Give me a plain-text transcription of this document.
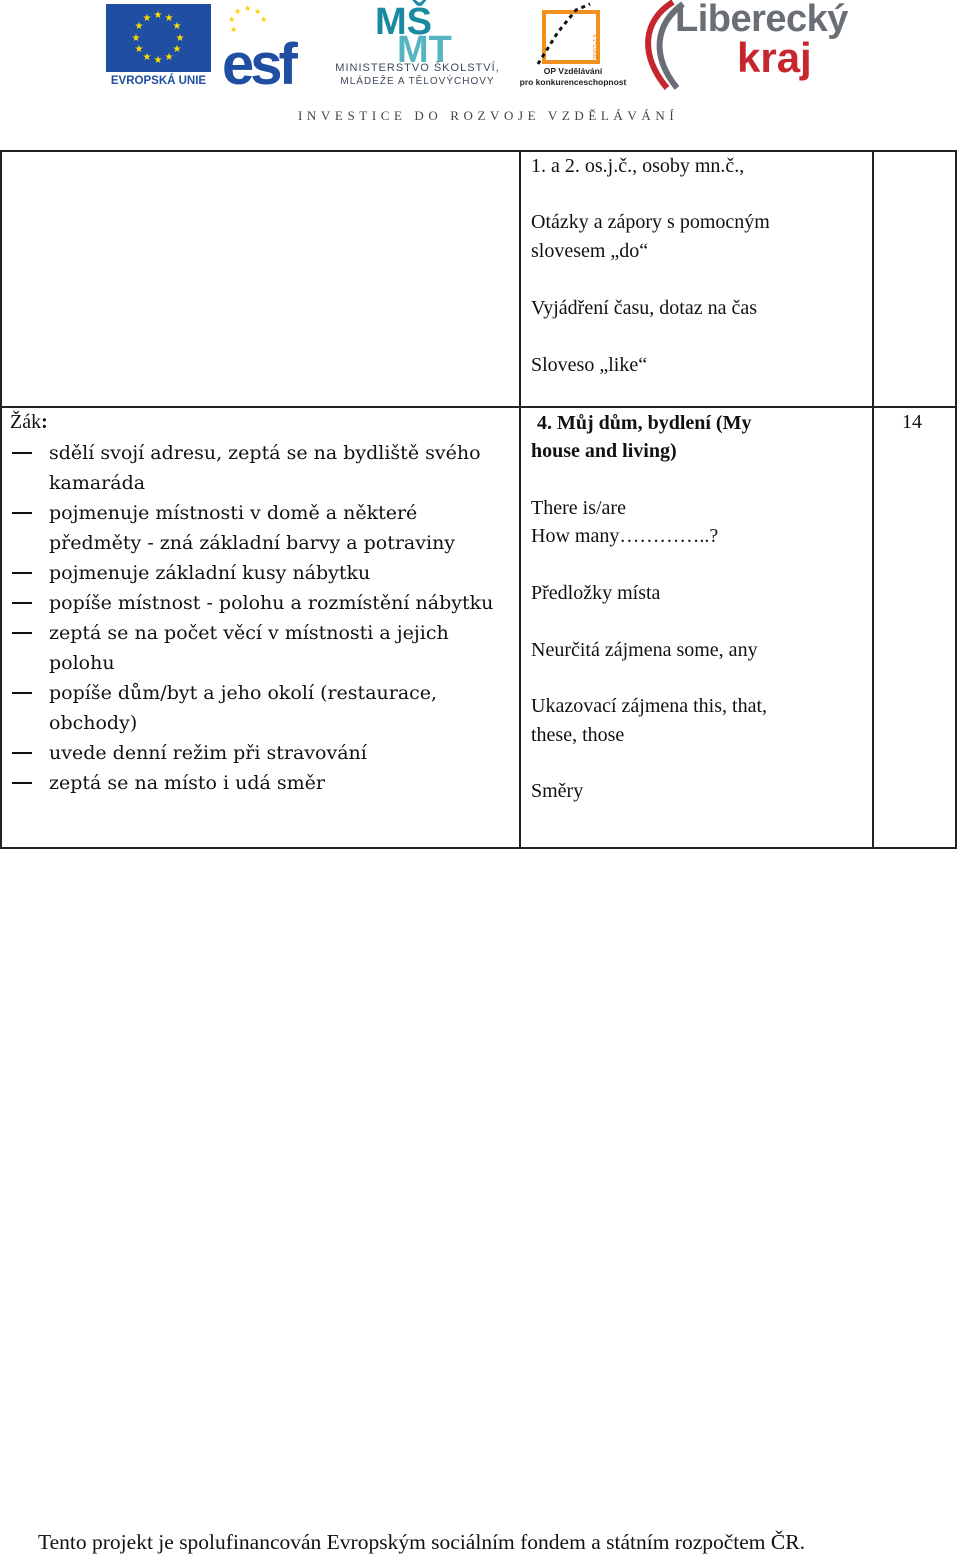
★ ★
★
★
★
★
★
★
★
★
★
★
EVROPSKÁ UNIE
★ ★ ★
★
★
★
esf
MŠ
MT
MINISTERSTVO ŠKOLSTVÍ,
MLÁDEŽE A TĚLOVÝCHOVY
2007-13
OP Vzdělávání
pro konkurenceschopnost
Liberecký
kraj
INVESTICE DO ROZVOJE VZDĚLÁVÁNÍ
1. a 2. os.j.č., osoby mn.č.,
Otázky a zápory s pomocným
slovesem „do“
Vyjádření času, dotaz na čas
Sloveso „like“
Žák:
sdělí svojí adresu, zeptá se na bydliště svého
kamaráda
pojmenuje místnosti v domě a některé
předměty - zná základní barvy a potraviny
pojmenuje základní kusy nábytku
popíše místnost - polohu a rozmístění nábytku
zeptá se na počet věcí v místnosti a jejich
polohu
popíše dům/byt a jeho okolí (restaurace,
obchody)
uvede denní režim při stravování
zeptá se na místo i udá směr
4. Můj dům, bydlení (My
house and living)
There is/are
How many…………..?
Předložky místa
Neurčitá zájmena some, any
Ukazovací zájmena this, that,
these, those
Směry
14
Tento projekt je spolufinancován Evropským sociálním fondem a státním rozpočtem ČR.
